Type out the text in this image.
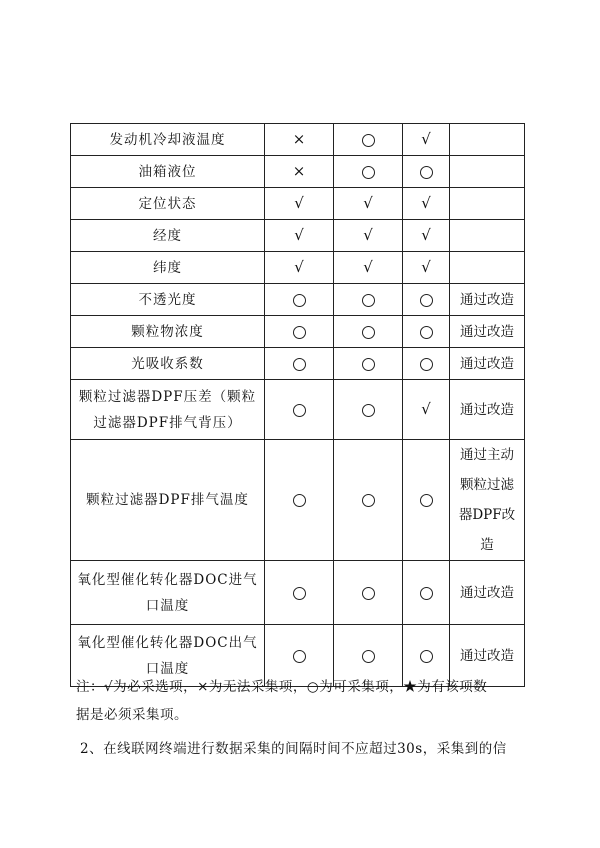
发动机冷却液温度	×		√	
油箱液位	×			
定位状态	√	√	√	
经度	√	√	√	
纬度	√	√	√	
不透光度				通过改造
颗粒物浓度				通过改造
光吸收系数				通过改造
颗粒过滤器DPF压差（颗粒过滤器DPF排气背压）			√	通过改造
颗粒过滤器DPF排气温度				通过主动颗粒过滤器DPF改造
氧化型催化转化器DOC进气口温度				通过改造
氧化型催化转化器DOC出气口温度				通过改造
注：√为必采选项，×为无法采集项，○为可采集项，★为有该项数
据是必须采集项。
2、在线联网终端进行数据采集的间隔时间不应超过30s，采集到的信
